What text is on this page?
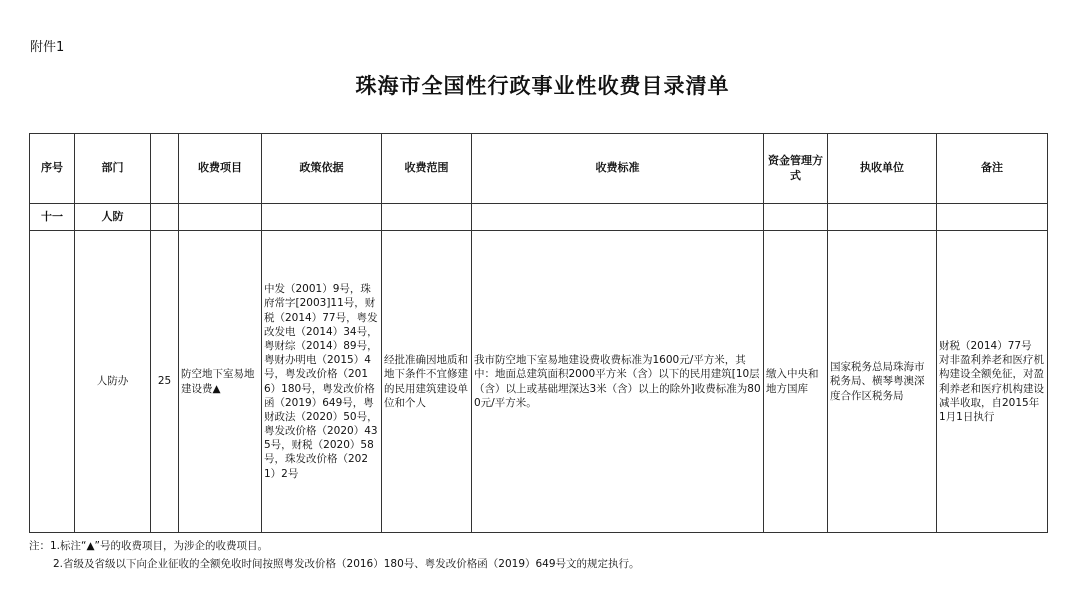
附件1
珠海市全国性行政事业性收费目录清单
序号	部门		收费项目	政策依据	收费范围	收费标准	资金管理方式	执收单位	备注
十一	人防								
	人防办	25	防空地下室易地建设费▲	中发（2001）9号，珠府常字[2003]11号，财税（2014）77号，粤发改发电（2014）34号，粤财综（2014）89号，粤财办明电（2015）4号，粤发改价格（2016）180号，粤发改价格函（2019）649号，粤财政法（2020）50号，粤发改价格（2020）435号，财税（2020）58号，珠发改价格（2021）2号	经批准确因地质和地下条件不宜修建的民用建筑建设单位和个人	我市防空地下室易地建设费收费标准为1600元/平方米，其中：地面总建筑面积2000平方米（含）以下的民用建筑[10层（含）以上或基础埋深达3米（含）以上的除外]收费标准为800元/平方米。	缴入中央和地方国库	国家税务总局珠海市税务局、横琴粤澳深度合作区税务局	财税（2014）77号 对非盈利养老和医疗机构建设全额免征，对盈利养老和医疗机构建设减半收取，自2015年1月1日执行
注：1.标注“▲”号的收费项目，为涉企的收费项目。
2.省级及省级以下向企业征收的全额免收时间按照粤发改价格（2016）180号、粤发改价格函（2019）649号文的规定执行。
